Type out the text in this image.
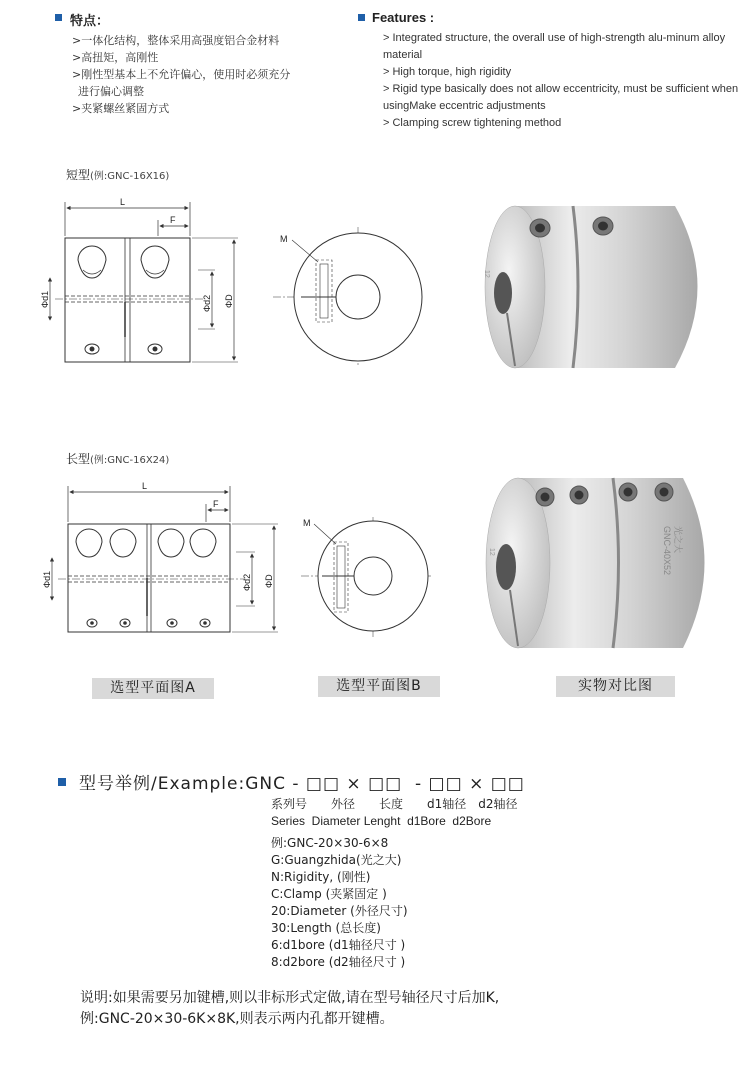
特点：
>一体化结构，整体采用高强度铝合金材料
>高扭矩，高刚性
>刚性型基本上不允许偏心，使用时必须充分
进行偏心调整
>夹紧螺丝紧固方式
Features :
> Integrated structure, the overall use of high-strength alu-minum alloy
material
> High torque, high rigidity
> Rigid type basically does not allow eccentricity, must be sufficient when
usingMake eccentric adjustments
> Clamping screw tightening method
短型(例:GNC-16X16)
L
F
Φd1	Φd2 ΦD
M
12
长型(例:GNC-16X24)
L
F
Φd1	Φd2 ΦD
M
12	光之大
GNC-40X52
选型平面图A	选型平面图B	实物对比图
型号举例/Example:GNC - □□ × □□  - □□ × □□
系列号　　外径　　长度　　d1轴径　d2轴径
Series  Diameter Lenght  d1Bore  d2Bore
例:GNC-20×30-6×8
G:Guangzhida(光之大)
N:Rigidity, (刚性)
C:Clamp (夹紧固定 )
20:Diameter (外径尺寸)
30:Length (总长度)
6:d1bore (d1轴径尺寸 )
8:d2bore (d2轴径尺寸 )
说明:如果需要另加键槽,则以非标形式定做,请在型号轴径尺寸后加K,
例:GNC-20×30-6K×8K,则表示两内孔都开键槽。
